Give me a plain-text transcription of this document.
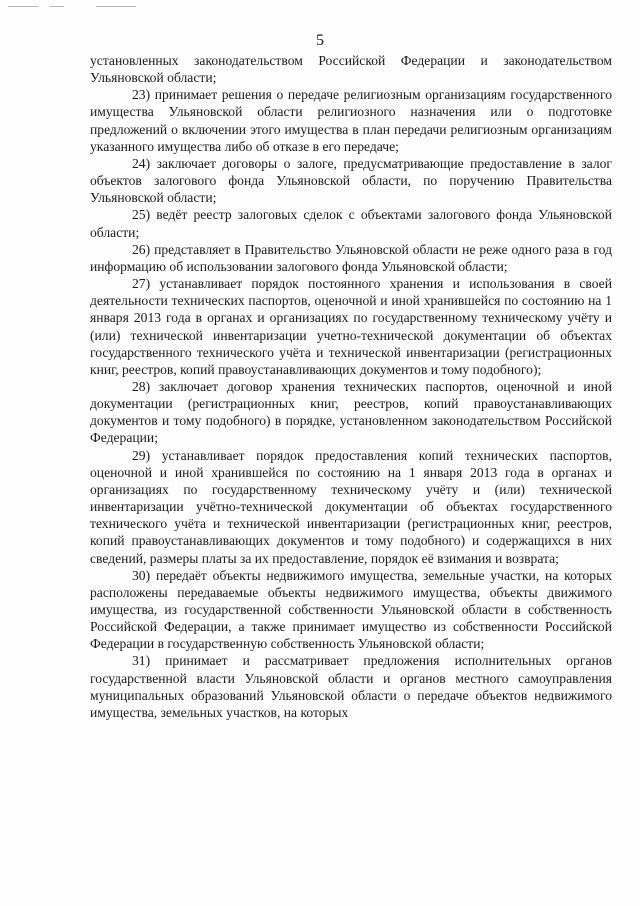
5

установленных законодательством Российской Федерации и законодательством Ульяновской области;

23) принимает решения о передаче религиозным организациям государственного имущества Ульяновской области религиозного назначения или о подготовке предложений о включении этого имущества в план передачи религиозным организациям указанного имущества либо об отказе в его передаче;

24) заключает договоры о залоге, предусматривающие предоставление в залог объектов залогового фонда Ульяновской области, по поручению Правительства Ульяновской области;

25) ведёт реестр залоговых сделок с объектами залогового фонда Ульяновской области;

26) представляет в Правительство Ульяновской области не реже одного раза в год информацию об использовании залогового фонда Ульяновской области;

27) устанавливает порядок постоянного хранения и использования в своей деятельности технических паспортов, оценочной и иной хранившейся по состоянию на 1 января 2013 года в органах и организациях по государственному техническому учёту и (или) технической инвентаризации учетно-технической документации об объектах государственного технического учёта и технической инвентаризации (регистрационных книг, реестров, копий правоустанавливающих документов и тому подобного);

28) заключает договор хранения технических паспортов, оценочной и иной документации (регистрационных книг, реестров, копий правоустанавливающих документов и тому подобного) в порядке, установленном законодательством Российской Федерации;

29) устанавливает порядок предоставления копий технических паспортов, оценочной и иной хранившейся по состоянию на 1 января 2013 года в органах и организациях по государственному техническому учёту и (или) технической инвентаризации учётно-технической документации об объектах государственного технического учёта и технической инвентаризации (регистрационных книг, реестров, копий правоустанавливающих документов и тому подобного) и содержащихся в них сведений, размеры платы за их предоставление, порядок её взимания и возврата;

30) передаёт объекты недвижимого имущества, земельные участки, на которых расположены передаваемые объекты недвижимого имущества, объекты движимого имущества, из государственной собственности Ульяновской области в собственность Российской Федерации, а также принимает имущество из собственности Российской Федерации в государственную собственность Ульяновской области;

31) принимает и рассматривает предложения исполнительных органов государственной власти Ульяновской области и органов местного самоуправления муниципальных образований Ульяновской области о передаче объектов недвижимого имущества, земельных участков, на которых
